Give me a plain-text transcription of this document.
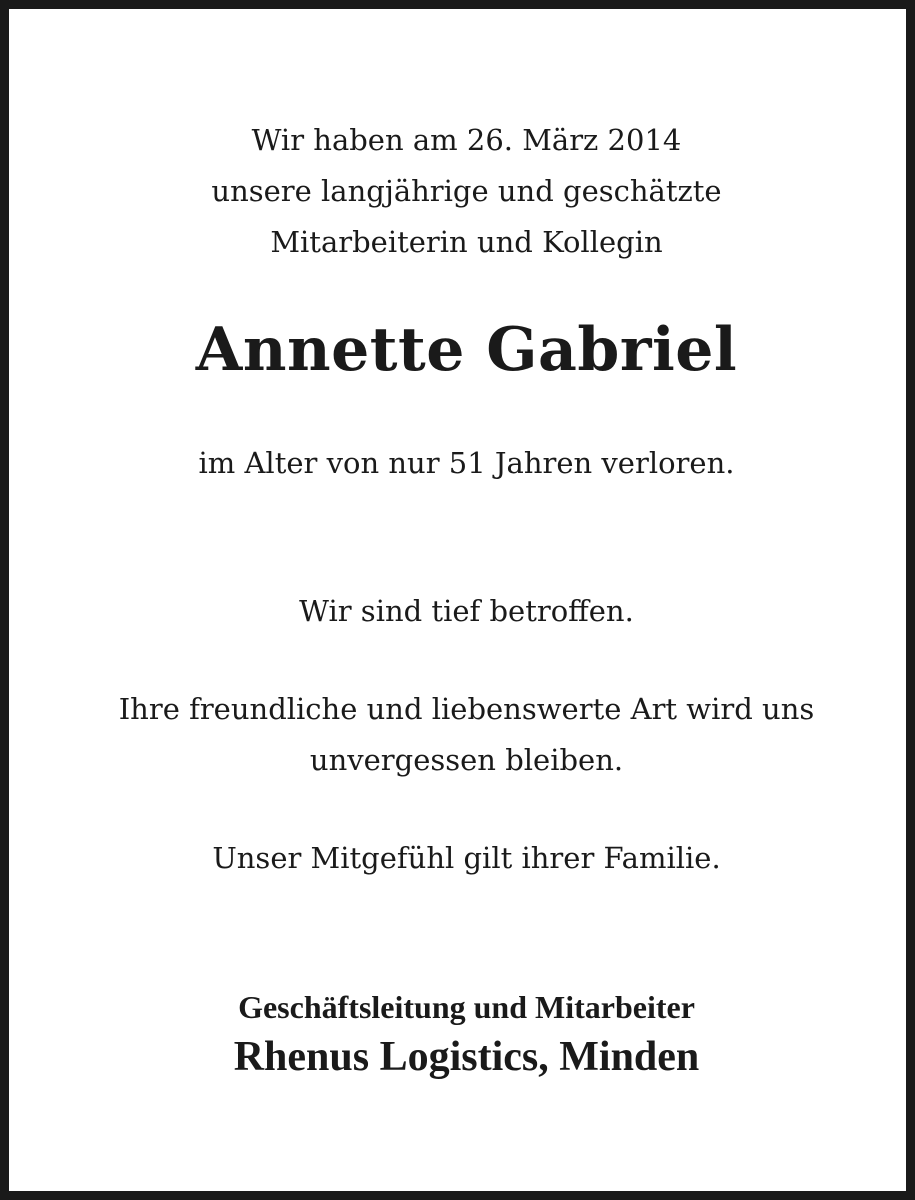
Wir haben am 26. März 2014
unsere langjährige und geschätzte
Mitarbeiterin und Kollegin
Annette Gabriel
im Alter von nur 51 Jahren verloren.
Wir sind tief betroffen.
Ihre freundliche und liebenswerte Art wird uns
unvergessen bleiben.
Unser Mitgefühl gilt ihrer Familie.
Geschäftsleitung und Mitarbeiter
Rhenus Logistics, Minden
